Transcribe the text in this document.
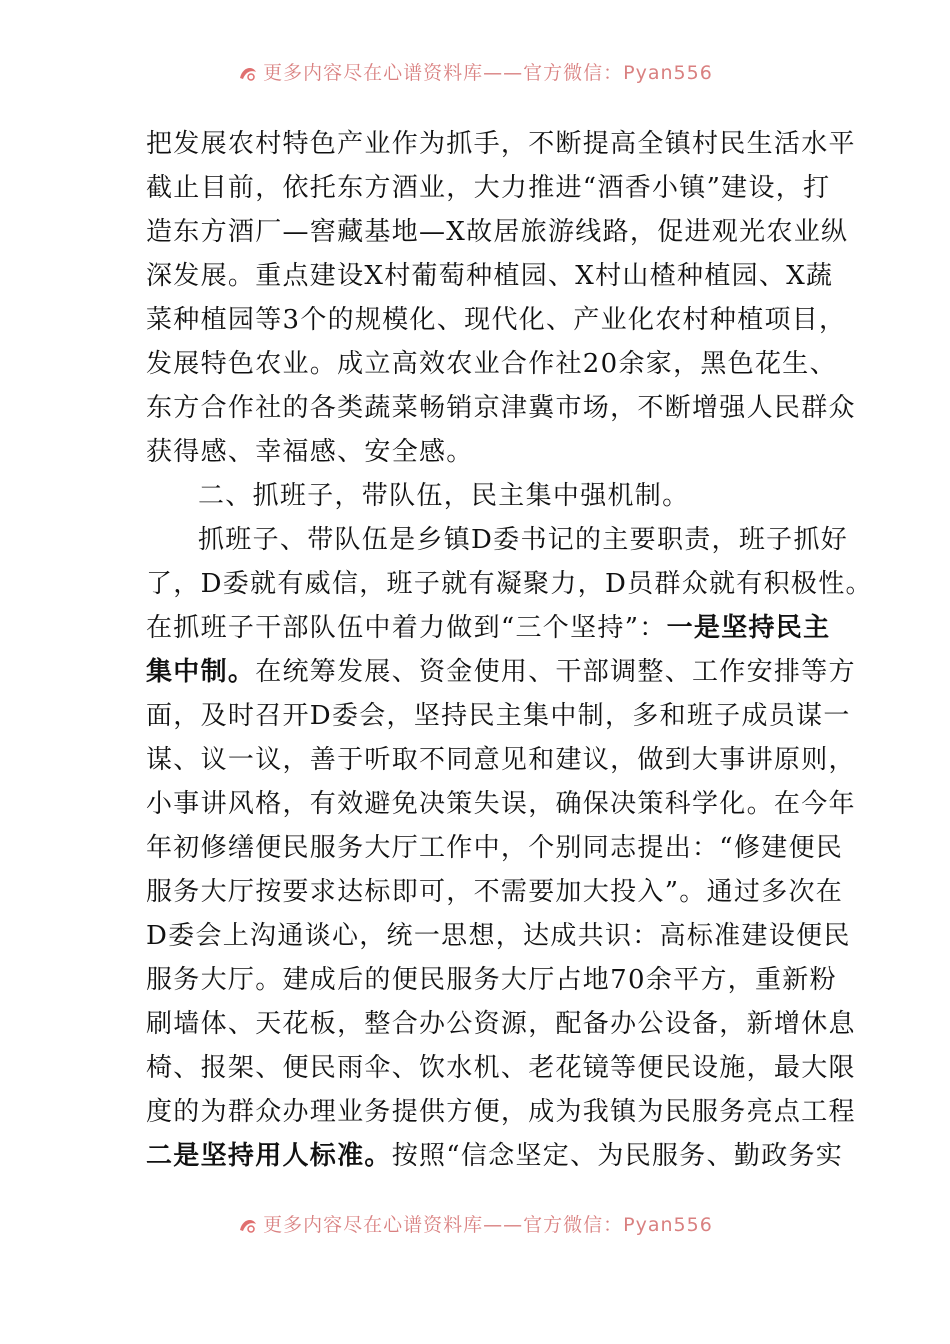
更多内容尽在心谱资料库——官方微信：Pyan556
把发展农村特色产业作为抓手，不断提高全镇村民生活水平
截止目前，依托东方酒业，大力推进“酒香小镇”建设，打
造东方酒厂—窖藏基地—X故居旅游线路，促进观光农业纵
深发展。重点建设X村葡萄种植园、X村山楂种植园、X蔬
菜种植园等3个的规模化、现代化、产业化农村种植项目，
发展特色农业。成立高效农业合作社20余家，黑色花生、
东方合作社的各类蔬菜畅销京津冀市场，不断增强人民群众
获得感、幸福感、安全感。
二、抓班子，带队伍，民主集中强机制。
抓班子、带队伍是乡镇D委书记的主要职责，班子抓好
了，D委就有威信，班子就有凝聚力，D员群众就有积极性。
在抓班子干部队伍中着力做到“三个坚持”：一是坚持民主
集中制。在统筹发展、资金使用、干部调整、工作安排等方
面，及时召开D委会，坚持民主集中制，多和班子成员谋一
谋、议一议，善于听取不同意见和建议，做到大事讲原则，
小事讲风格，有效避免决策失误，确保决策科学化。在今年
年初修缮便民服务大厅工作中，个别同志提出：“修建便民
服务大厅按要求达标即可，不需要加大投入”。通过多次在
D委会上沟通谈心，统一思想，达成共识：高标准建设便民
服务大厅。建成后的便民服务大厅占地70余平方，重新粉
刷墙体、天花板，整合办公资源，配备办公设备，新增休息
椅、报架、便民雨伞、饮水机、老花镜等便民设施，最大限
度的为群众办理业务提供方便，成为我镇为民服务亮点工程
二是坚持用人标准。按照“信念坚定、为民服务、勤政务实
更多内容尽在心谱资料库——官方微信：Pyan556
